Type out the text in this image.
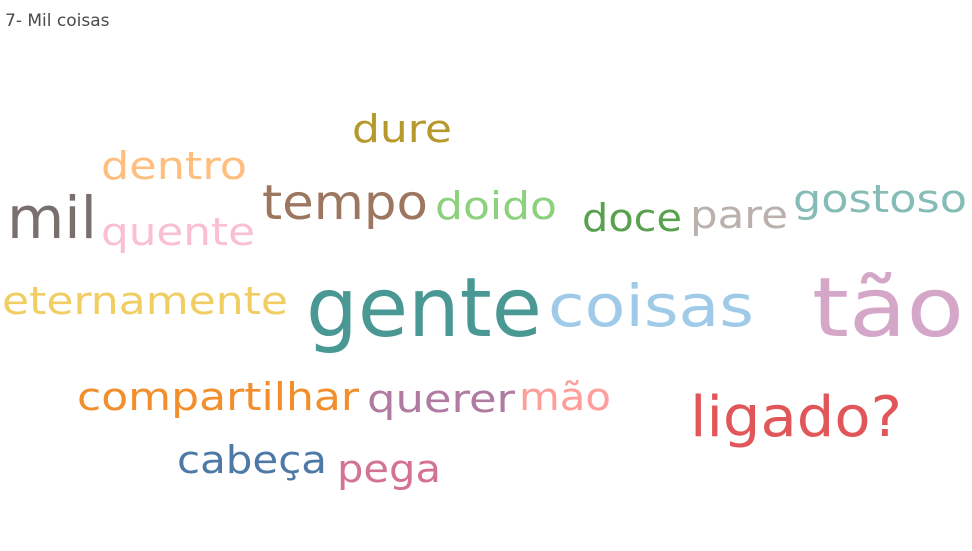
7- Mil coisas
tão
gente coisas
ligado?
mil	tempo
compartilhar
cabeça
gostoso
eternamente
querer mão
pega
doido doce pare
quente
dentro
dure
